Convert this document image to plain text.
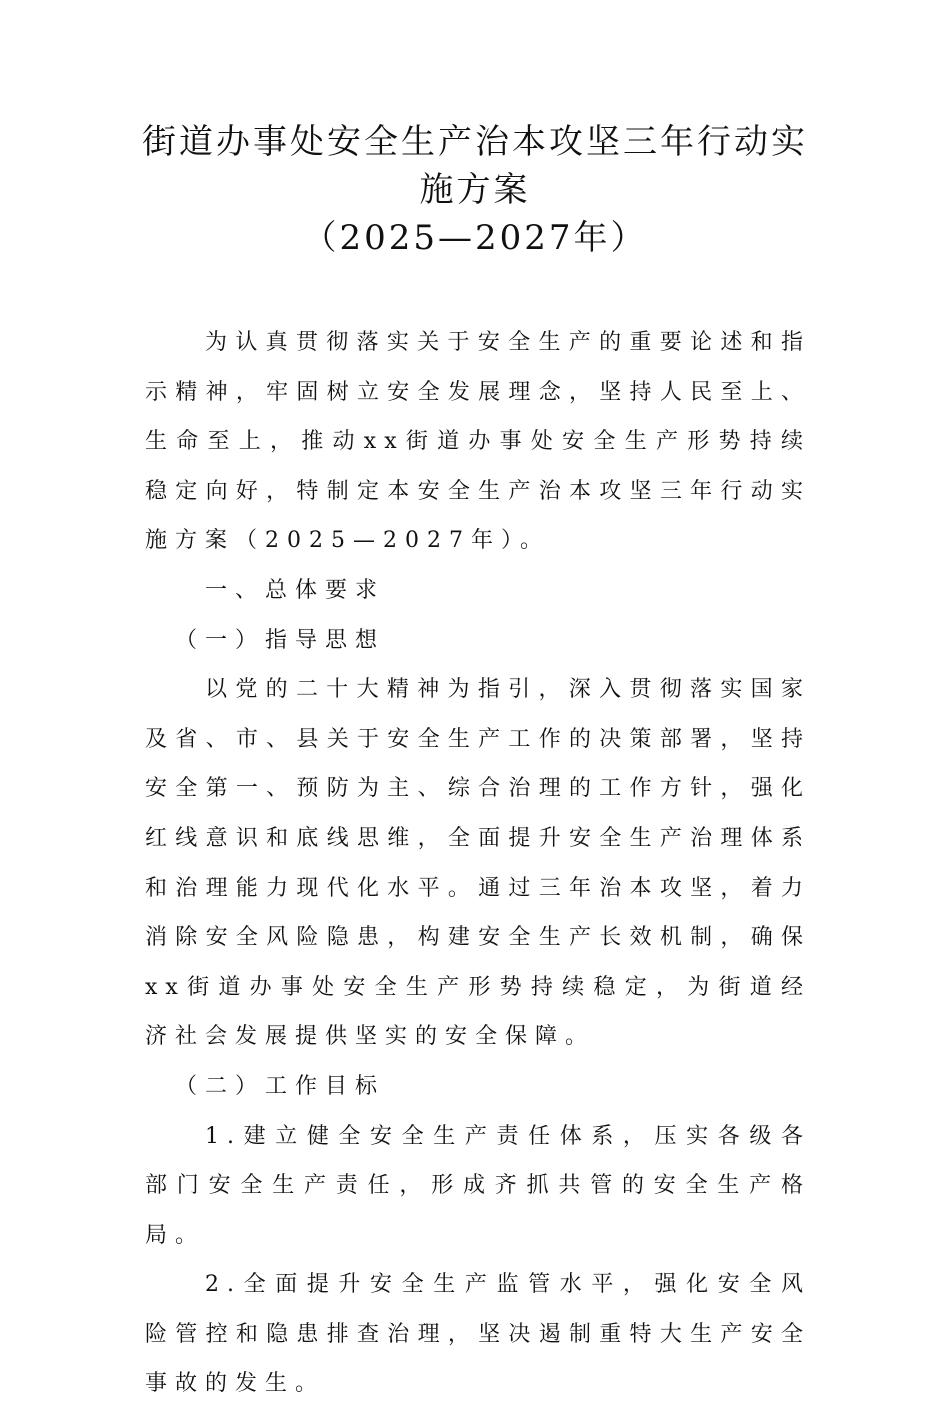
街道办事处安全生产治本攻坚三年行动实
施方案
（2025—2027年）

为认真贯彻落实关于安全生产的重要论述和指示精神，牢固树立安全发展理念，坚持人民至上、生命至上，推动xx街道办事处安全生产形势持续稳定向好，特制定本安全生产治本攻坚三年行动实施方案（2025—2027年）。

一、总体要求

（一）指导思想

以党的二十大精神为指引，深入贯彻落实国家及省、市、县关于安全生产工作的决策部署，坚持安全第一、预防为主、综合治理的工作方针，强化红线意识和底线思维，全面提升安全生产治理体系和治理能力现代化水平。通过三年治本攻坚，着力消除安全风险隐患，构建安全生产长效机制，确保xx街道办事处安全生产形势持续稳定，为街道经济社会发展提供坚实的安全保障。

（二）工作目标

1.建立健全安全生产责任体系，压实各级各部门安全生产责任，形成齐抓共管的安全生产格局。

2.全面提升安全生产监管水平，强化安全风险管控和隐患排查治理，坚决遏制重特大生产安全事故的发生。
